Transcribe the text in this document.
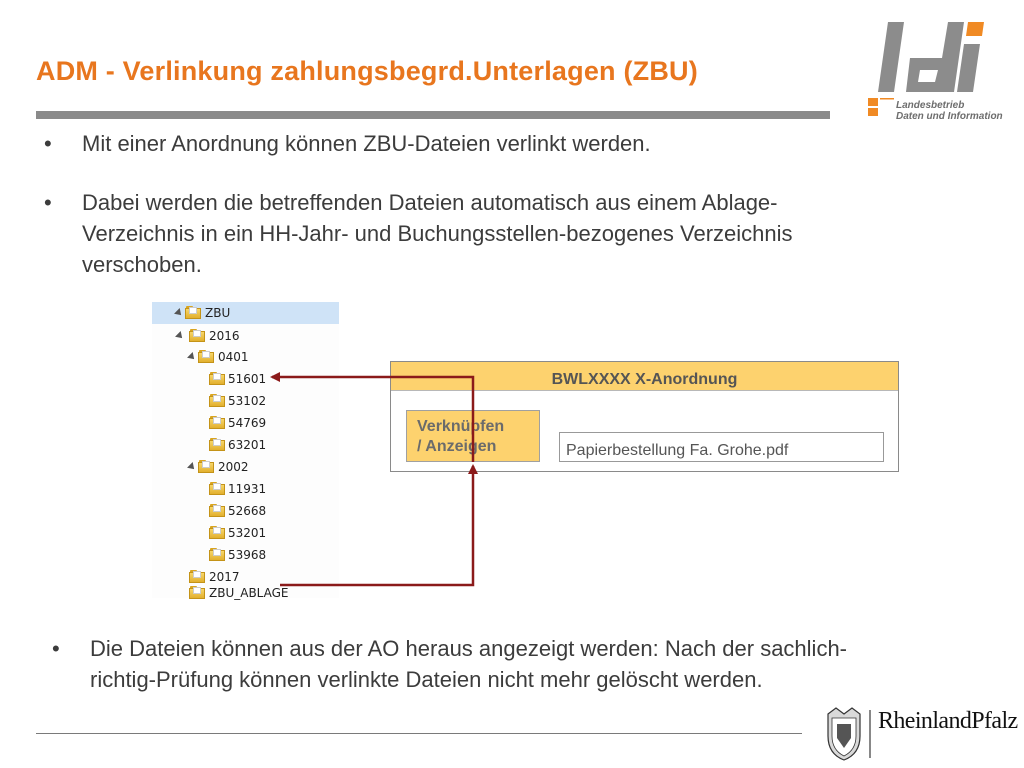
ADM - Verlinkung zahlungsbegrd.Unterlagen (ZBU)
Landesbetrieb
Daten und Information
• Mit einer Anordnung können ZBU-Dateien verlinkt werden.
• Dabei werden die betreffenden Dateien automatisch aus einem Ablage-
Verzeichnis in ein HH-Jahr- und Buchungsstellen-bezogenes Verzeichnis
verschoben.
ZBU
2016
0401
51601
53102
54769
63201
2002
11931
52668
53201
53968
2017
ZBU_ABLAGE
BWLXXXX X-Anordnung
Verknüpfen
/ Anzeigen	Papierbestellung Fa. Grohe.pdf
• Die Dateien können aus der AO heraus angezeigt werden: Nach der sachlich-
richtig-Prüfung können verlinkte Dateien nicht mehr gelöscht werden.
RheinlandPfalz
